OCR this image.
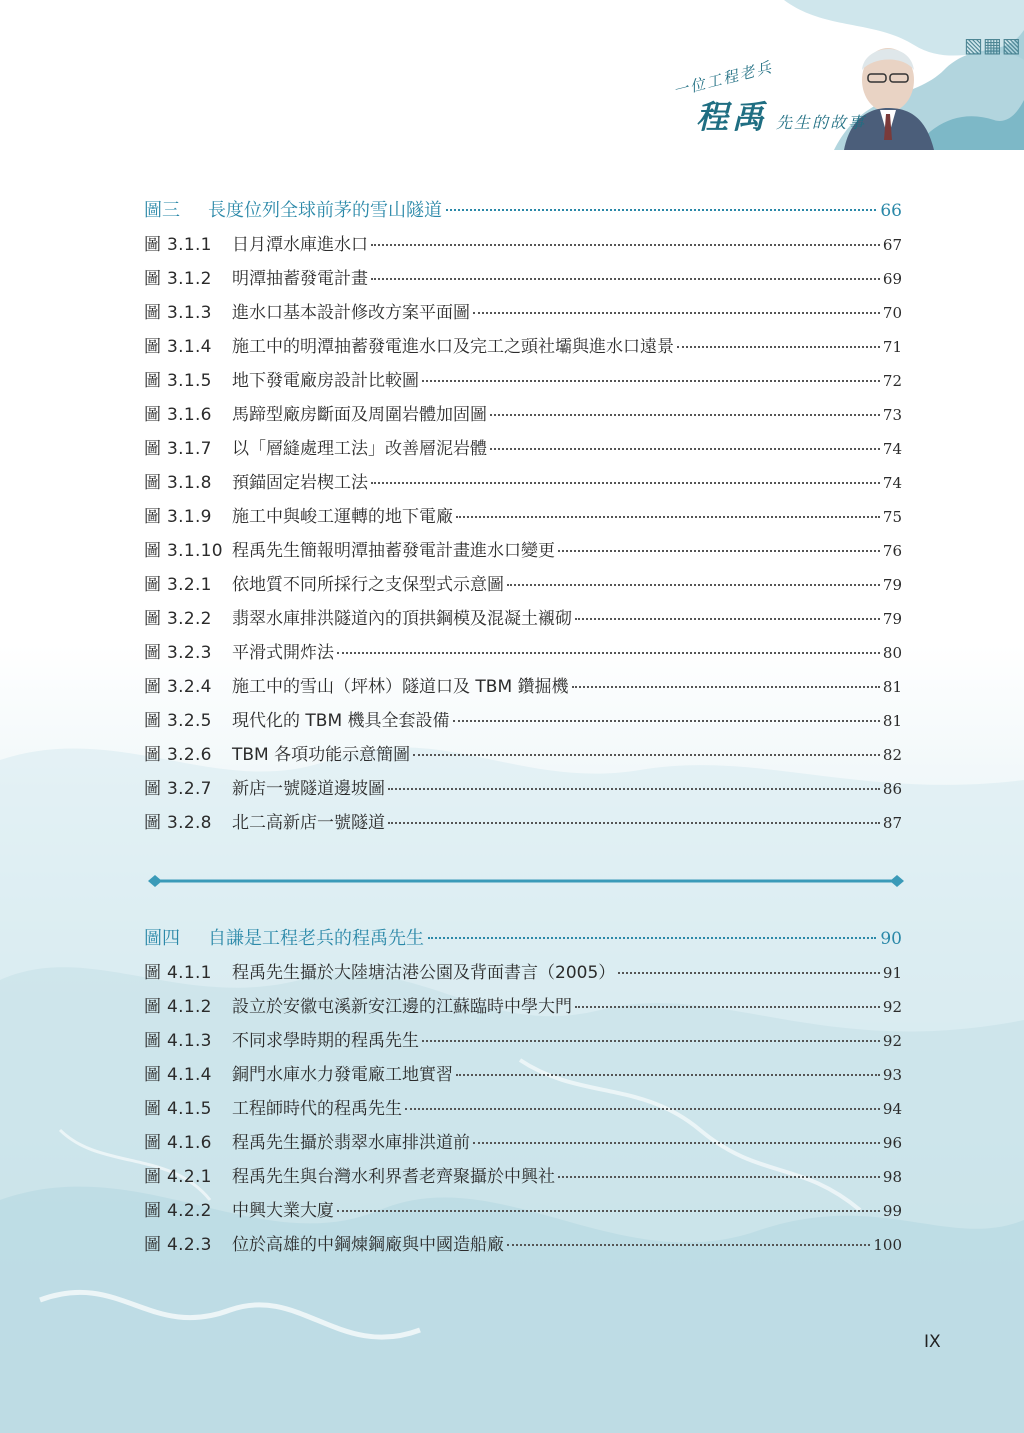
▧▦▧
一位工程老兵
程禹 先生的故事
圖三	長度位列全球前茅的雪山隧道	66
圖 3.1.1	日月潭水庫進水口	67
圖 3.1.2	明潭抽蓄發電計畫	69
圖 3.1.3	進水口基本設計修改方案平面圖	70
圖 3.1.4	施工中的明潭抽蓄發電進水口及完工之頭社壩與進水口遠景	71
圖 3.1.5	地下發電廠房設計比較圖	72
圖 3.1.6	馬蹄型廠房斷面及周圍岩體加固圖	73
圖 3.1.7	以「層縫處理工法」改善層泥岩體	74
圖 3.1.8	預錨固定岩楔工法	74
圖 3.1.9	施工中與峻工運轉的地下電廠	75
圖 3.1.10 程禹先生簡報明潭抽蓄發電計畫進水口變更	76
圖 3.2.1	依地質不同所採行之支保型式示意圖	79
圖 3.2.2	翡翠水庫排洪隧道內的頂拱鋼模及混凝土襯砌	79
圖 3.2.3	平滑式開炸法	80
圖 3.2.4	施工中的雪山（坪林）隧道口及 TBM 鑽掘機	81
圖 3.2.5	現代化的 TBM 機具全套設備	81
圖 3.2.6	TBM 各項功能示意簡圖	82
圖 3.2.7	新店一號隧道邊坡圖	86
圖 3.2.8	北二高新店一號隧道	87
圖四	自謙是工程老兵的程禹先生	90
圖 4.1.1	程禹先生攝於大陸塘沽港公園及背面書言（2005）	91
圖 4.1.2	設立於安徽屯溪新安江邊的江蘇臨時中學大門	92
圖 4.1.3	不同求學時期的程禹先生	92
圖 4.1.4	銅門水庫水力發電廠工地實習	93
圖 4.1.5	工程師時代的程禹先生	94
圖 4.1.6	程禹先生攝於翡翠水庫排洪道前	96
圖 4.2.1	程禹先生與台灣水利界耆老齊聚攝於中興社	98
圖 4.2.2	中興大業大廈	99
圖 4.2.3	位於高雄的中鋼煉鋼廠與中國造船廠	100
IX
